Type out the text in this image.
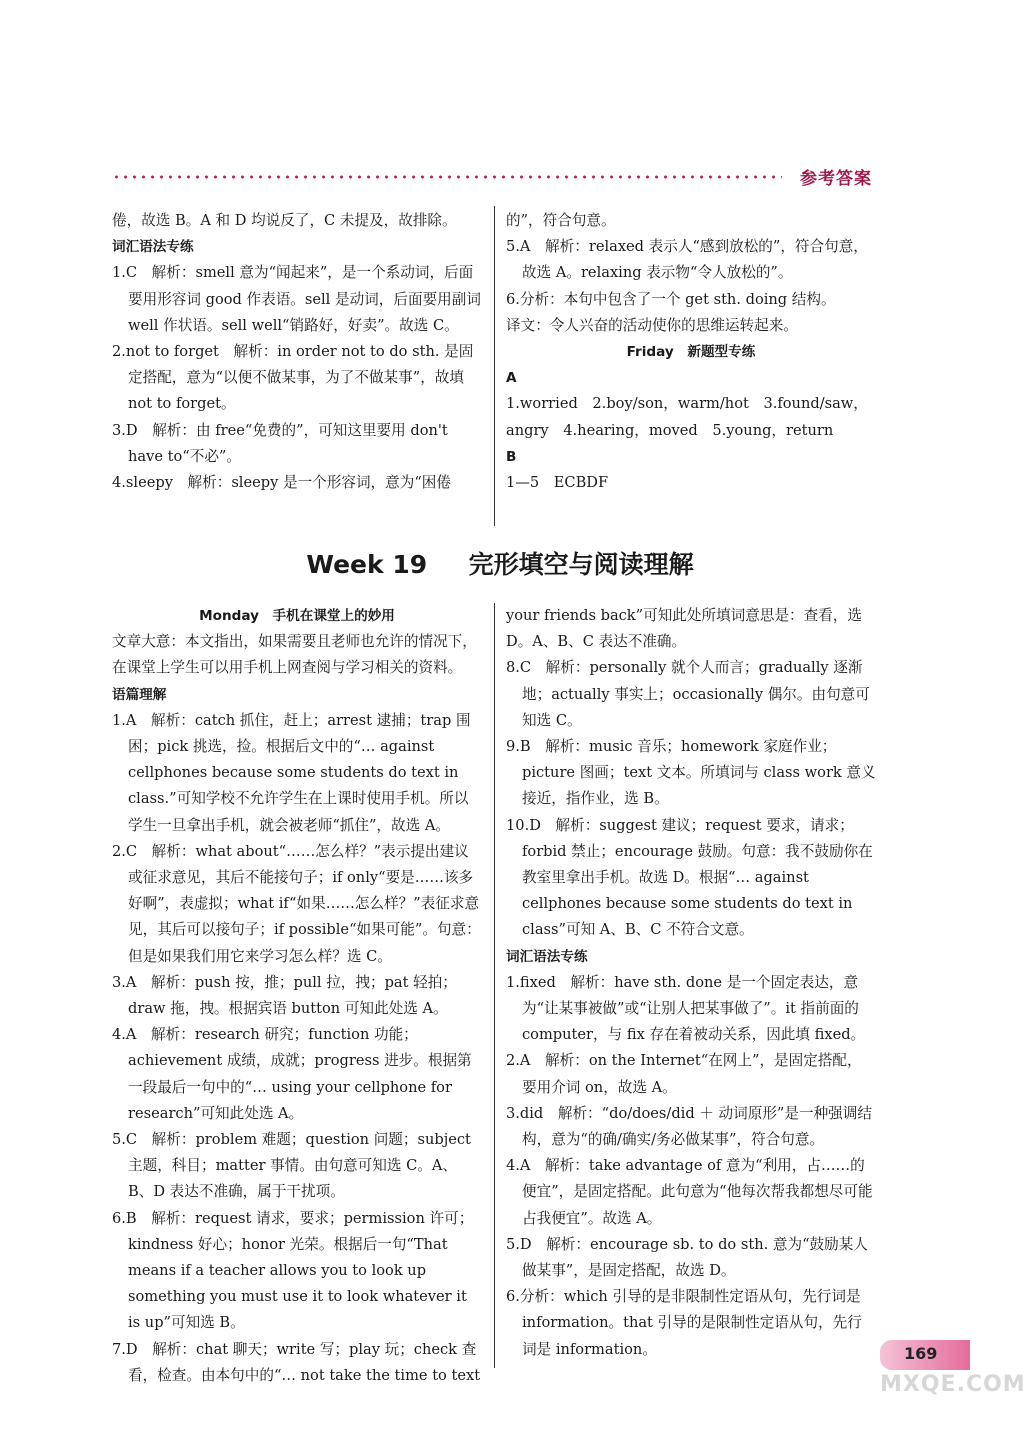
参考答案

倦，故选 B。A 和 D 均说反了，C 未提及，故排除。

词汇语法专练

1.C　解析：smell 意为“闻起来”，是一个系动词，后面要用形容词 good 作表语。sell 是动词，后面要用副词 well 作状语。sell well“销路好，好卖”。故选 C。

2.not to forget　解析：in order not to do sth. 是固定搭配，意为“以便不做某事，为了不做某事”，故填 not to forget。

3.D　解析：由 free“免费的”，可知这里要用 don't have to“不必”。

4.sleepy　解析：sleepy 是一个形容词，意为“困倦

的”，符合句意。

5.A　解析：relaxed 表示人“感到放松的”，符合句意，故选 A。relaxing 表示物“令人放松的”。

6.分析：本句中包含了一个 get sth. doing 结构。

译文：令人兴奋的活动使你的思维运转起来。

Friday　新题型专练

A

1.worried　2.boy/son，warm/hot　3.found/saw，angry　4.hearing，moved　5.young，return

B

1—5　ECBDF

Week 19 完形填空与阅读理解

Monday　手机在课堂上的妙用

文章大意：本文指出，如果需要且老师也允许的情况下，在课堂上学生可以用手机上网查阅与学习相关的资料。

语篇理解

1.A　解析：catch 抓住，赶上；arrest 逮捕；trap 围困；pick 挑选，捡。根据后文中的“… against cellphones because some students do text in class.”可知学校不允许学生在上课时使用手机。所以学生一旦拿出手机，就会被老师“抓住”，故选 A。

2.C　解析：what about“……怎么样？”表示提出建议或征求意见，其后不能接句子；if only“要是……该多好啊”，表虚拟；what if“如果……怎么样？”表征求意见，其后可以接句子；if possible“如果可能”。句意：但是如果我们用它来学习怎么样？选 C。

3.A　解析：push 按，推；pull 拉，拽；pat 轻拍；draw 拖，拽。根据宾语 button 可知此处选 A。

4.A　解析：research 研究；function 功能；achievement 成绩，成就；progress 进步。根据第一段最后一句中的“… using your cellphone for research”可知此处选 A。

5.C　解析：problem 难题；question 问题；subject 主题，科目；matter 事情。由句意可知选 C。A、B、D 表达不准确，属于干扰项。

6.B　解析：request 请求，要求；permission 许可；kindness 好心；honor 光荣。根据后一句“That means if a teacher allows you to look up something you must use it to look whatever it is up”可知选 B。

7.D　解析：chat 聊天；write 写；play 玩；check 查看，检查。由本句中的“… not take the time to text

your friends back”可知此处所填词意思是：查看，选 D。A、B、C 表达不准确。

8.C　解析：personally 就个人而言；gradually 逐渐地；actually 事实上；occasionally 偶尔。由句意可知选 C。

9.B　解析：music 音乐；homework 家庭作业；picture 图画；text 文本。所填词与 class work 意义接近，指作业，选 B。

10.D　解析：suggest 建议；request 要求，请求；forbid 禁止；encourage 鼓励。句意：我不鼓励你在教室里拿出手机。故选 D。根据“… against cellphones because some students do text in class”可知 A、B、C 不符合文意。

词汇语法专练

1.fixed　解析：have sth. done 是一个固定表达，意为“让某事被做”或“让别人把某事做了”。it 指前面的 computer，与 fix 存在着被动关系，因此填 fixed。

2.A　解析：on the Internet“在网上”，是固定搭配，要用介词 on，故选 A。

3.did　解析：“do/does/did ＋ 动词原形”是一种强调结构，意为“的确/确实/务必做某事”，符合句意。

4.A　解析：take advantage of 意为“利用，占……的便宜”，是固定搭配。此句意为“他每次帮我都想尽可能占我便宜”。故选 A。

5.D　解析：encourage sb. to do sth. 意为“鼓励某人做某事”，是固定搭配，故选 D。

6.分析：which 引导的是非限制性定语从句，先行词是 information。that 引导的是限制性定语从句，先行词是 information。	169
MXQE.COM
